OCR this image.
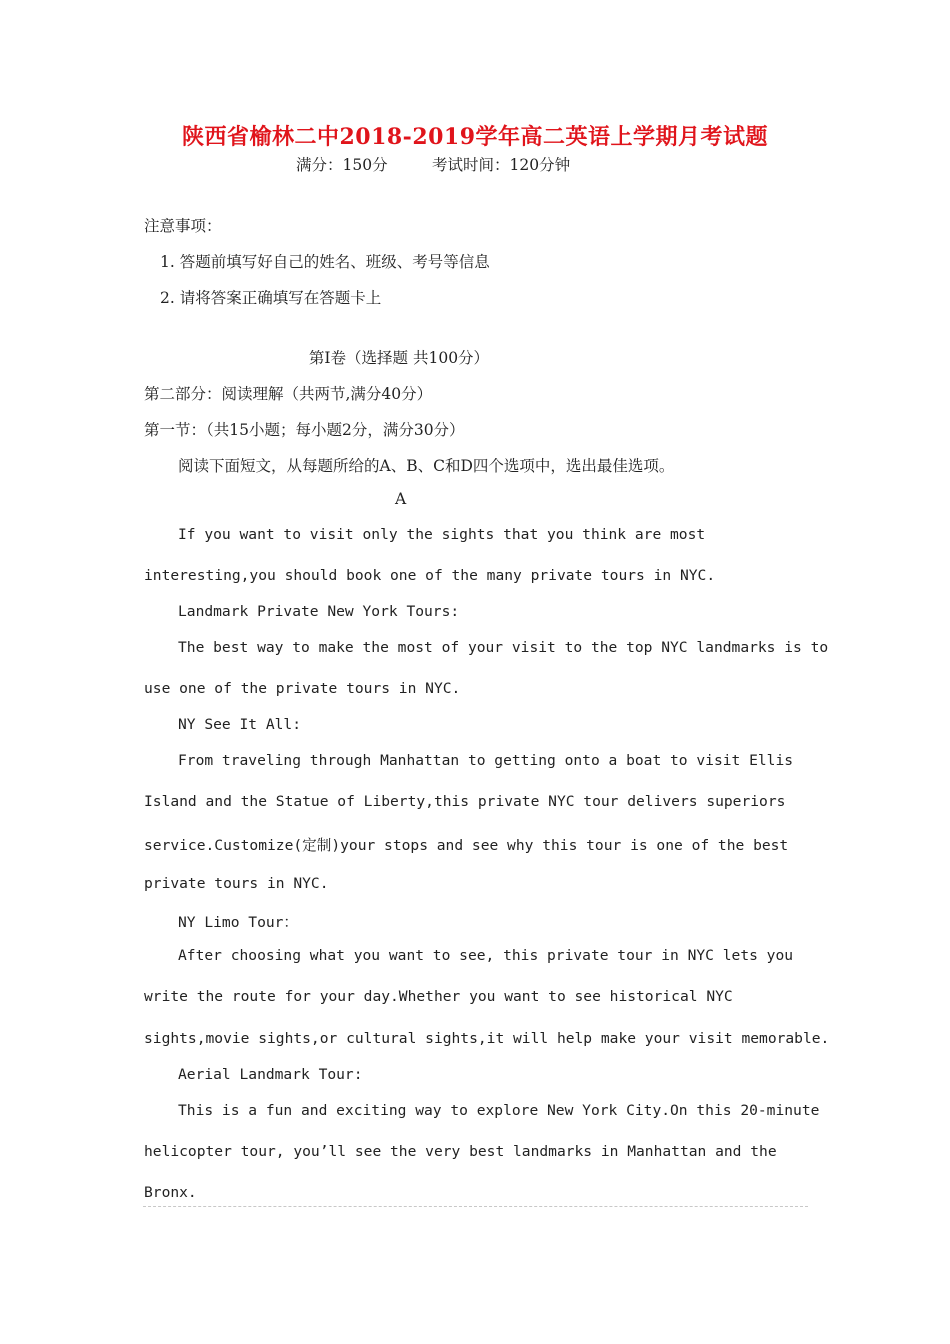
陕西省榆林二中2018-2019学年高二英语上学期月考试题
满分：150分	考试时间：120分钟
注意事项：
1. 答题前填写好自己的姓名、班级、考号等信息
2. 请将答案正确填写在答题卡上
第Ⅰ卷（选择题 共100分）
第二部分：阅读理解（共两节,满分40分）
第一节：（共15小题；每小题2分，满分30分）
阅读下面短文，从每题所给的A、B、C和D四个选项中，选出最佳选项。
A
If you want to visit only the sights that you think are most
interesting,you should book one of the many private tours in NYC.
Landmark Private New York Tours:
The best way to make the most of your visit to the top NYC landmarks is to
use one of the private tours in NYC.
NY See It All:
From traveling through Manhattan to getting onto a boat to visit Ellis
Island and the Statue of Liberty,this private NYC tour delivers superiors
service.Customize(定制)your stops and see why this tour is one of the best
private tours in NYC.
NY Limo Tour：
After choosing what you want to see, this private tour in NYC lets you
write the route for your day.Whether you want to see historical NYC
sights,movie sights,or cultural sights,it will help make your visit memorable.
Aerial Landmark Tour:
This is a fun and exciting way to explore New York City.On this 20-minute
helicopter tour, you’ll see the very best landmarks in Manhattan and the
Bronx.
